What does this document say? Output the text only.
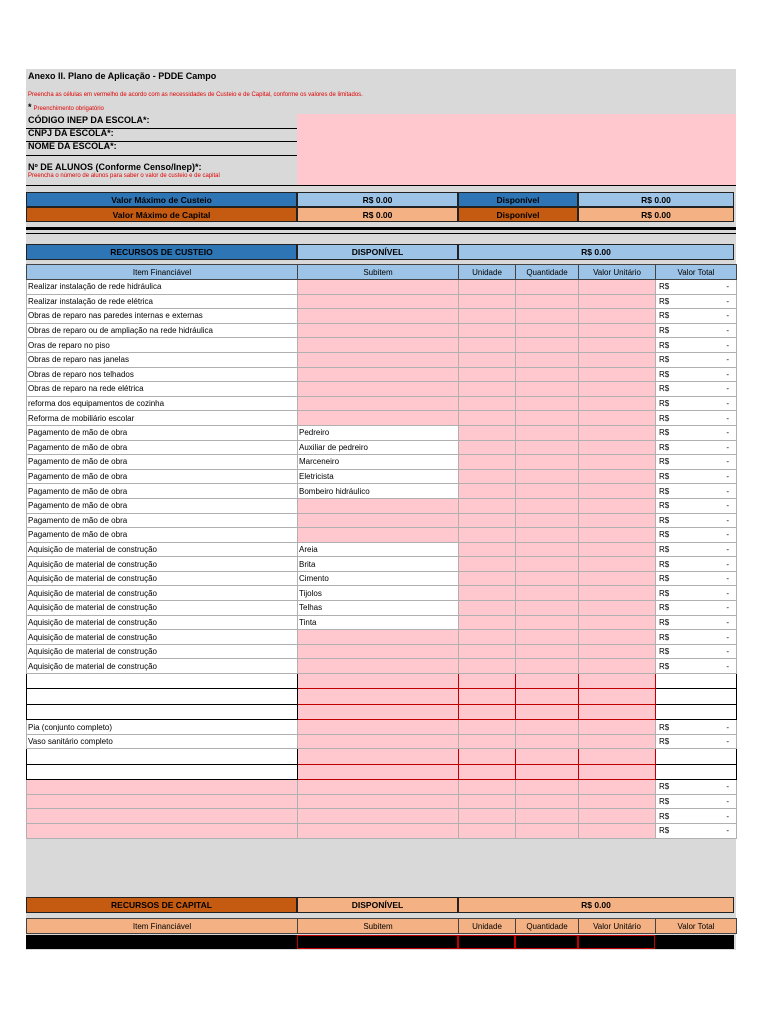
Anexo II. Plano de Aplicação - PDDE Campo
Preencha as células em vermelho de acordo com as necessidades de Custeio e de Capital, conforme os valores de limitados.
* Preenchimento obrigatório
CÓDIGO INEP DA ESCOLA*:
CNPJ DA ESCOLA*:
NOME DA ESCOLA*:
Nº DE ALUNOS (Conforme Censo/Inep)*:
Preencha o número de alunos para saber o valor de custeio e de capital
Valor Máximo de Custeio	R$ 0.00	Disponível	R$ 0.00
Valor Máximo de Capital	R$ 0.00	Disponível	R$ 0.00
RECURSOS DE CUSTEIO	DISPONÍVEL	R$ 0.00
Item Financiável	Subitem	Unidade	Quantidade	Valor Unitário	Valor Total
Realizar instalação de rede hidráulica					R$ -

Realizar instalação de rede elétrica					R$ -

Obras de reparo nas paredes internas e externas					R$ -

Obras de reparo ou de ampliação na rede hidráulica					R$ -

Oras de reparo no piso					R$ -

Obras de reparo nas janelas					R$ -

Obras de reparo nos telhados					R$ -

Obras de reparo na rede elétrica					R$ -

reforma dos equipamentos de cozinha					R$ -

Reforma de mobiliário escolar					R$ -

Pagamento de mão de obra	Pedreiro				R$ -

Pagamento de mão de obra	Auxiliar de pedreiro				R$ -

Pagamento de mão de obra	Marceneiro				R$ -

Pagamento de mão de obra	Eletricista				R$ -

Pagamento de mão de obra	Bombeiro hidráulico				R$ -

Pagamento de mão de obra					R$ -

Pagamento de mão de obra					R$ -

Pagamento de mão de obra					R$ -

Aquisição de material de construção	Areia				R$ -

Aquisição de material de construção	Brita				R$ -

Aquisição de material de construção	Cimento				R$ -

Aquisição de material de construção	Tijolos				R$ -

Aquisição de material de construção	Telhas				R$ -

Aquisição de material de construção	Tinta				R$ -

Aquisição de material de construção					R$ -

Aquisição de material de construção					R$ -

Aquisição de material de construção					R$ -

Pia (conjunto completo)					R$ -

Vaso sanitário completo					R$ -

					R$ -

					R$ -

					R$ -

					R$ -
RECURSOS DE CAPITAL	DISPONÍVEL	R$ 0.00
Item Financiável	Subitem	Unidade	Quantidade	Valor Unitário	Valor Total
